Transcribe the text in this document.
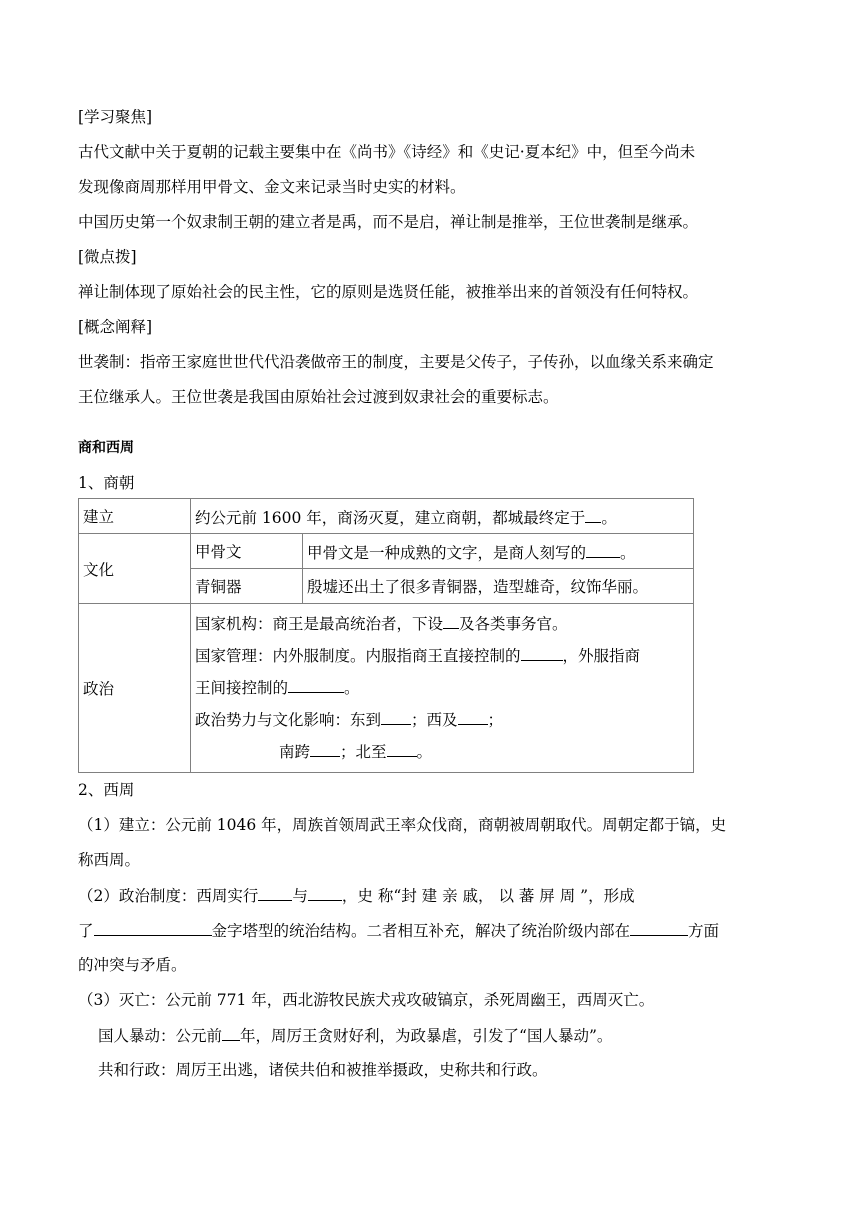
[学习聚焦]
古代文献中关于夏朝的记载主要集中在《尚书》《诗经》和《史记·夏本纪》中，但至今尚未
发现像商周那样用甲骨文、金文来记录当时史实的材料。
中国历史第一个奴隶制王朝的建立者是禹，而不是启，禅让制是推举，王位世袭制是继承。
[微点拨]
禅让制体现了原始社会的民主性，它的原则是选贤任能，被推举出来的首领没有任何特权。
[概念阐释]
世袭制：指帝王家庭世世代代沿袭做帝王的制度，主要是父传子，子传孙，以血缘关系来确定
王位继承人。王位世袭是我国由原始社会过渡到奴隶社会的重要标志。
商和西周
1、商朝
建立	约公元前 1600 年，商汤灭夏，建立商朝，都城最终定于 。	
文化	甲骨文	甲骨文是一种成熟的文字，是商人刻写的 。
	青铜器	殷墟还出土了很多青铜器，造型雄奇，纹饰华丽。
政治	国家机构：商王是最高统治者，下设 及各类事务官。
国家管理：内外服制度。内服指商王直接控制的 ，外服指商
王间接控制的 。
政治势力与文化影响：东到 ；西及 ；
南跨 ；北至 。	
2、西周
（1）建立：公元前 1046 年，周族首领周武王率众伐商，商朝被周朝取代。周朝定都于镐，史
称西周。
（2）政治制度：西周实行 与 ，史 称“封 建 亲 戚， 以 蕃 屏 周 ”，形成
了	金字塔型的统治结构。二者相互补充，解决了统治阶级内部在	方面
的冲突与矛盾。
（3）灭亡：公元前 771 年，西北游牧民族犬戎攻破镐京，杀死周幽王，西周灭亡。
国人暴动：公元前 年，周厉王贪财好利，为政暴虐，引发了“国人暴动”。
共和行政：周厉王出逃，诸侯共伯和被推举摄政，史称共和行政。
